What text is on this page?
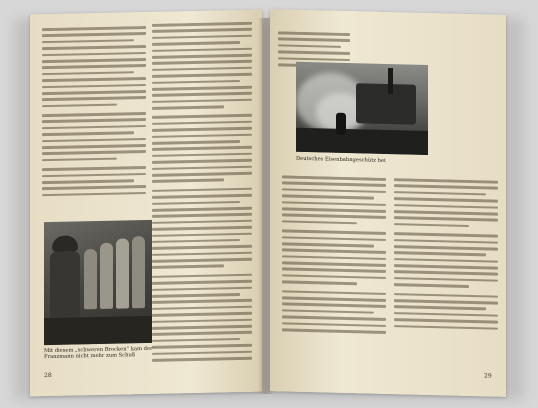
Mit diesem „schweren Brocken“ kam der
Franzmann nicht mehr zum Schuß
28
Deutsches Eisenbahngeschütz bei
29
